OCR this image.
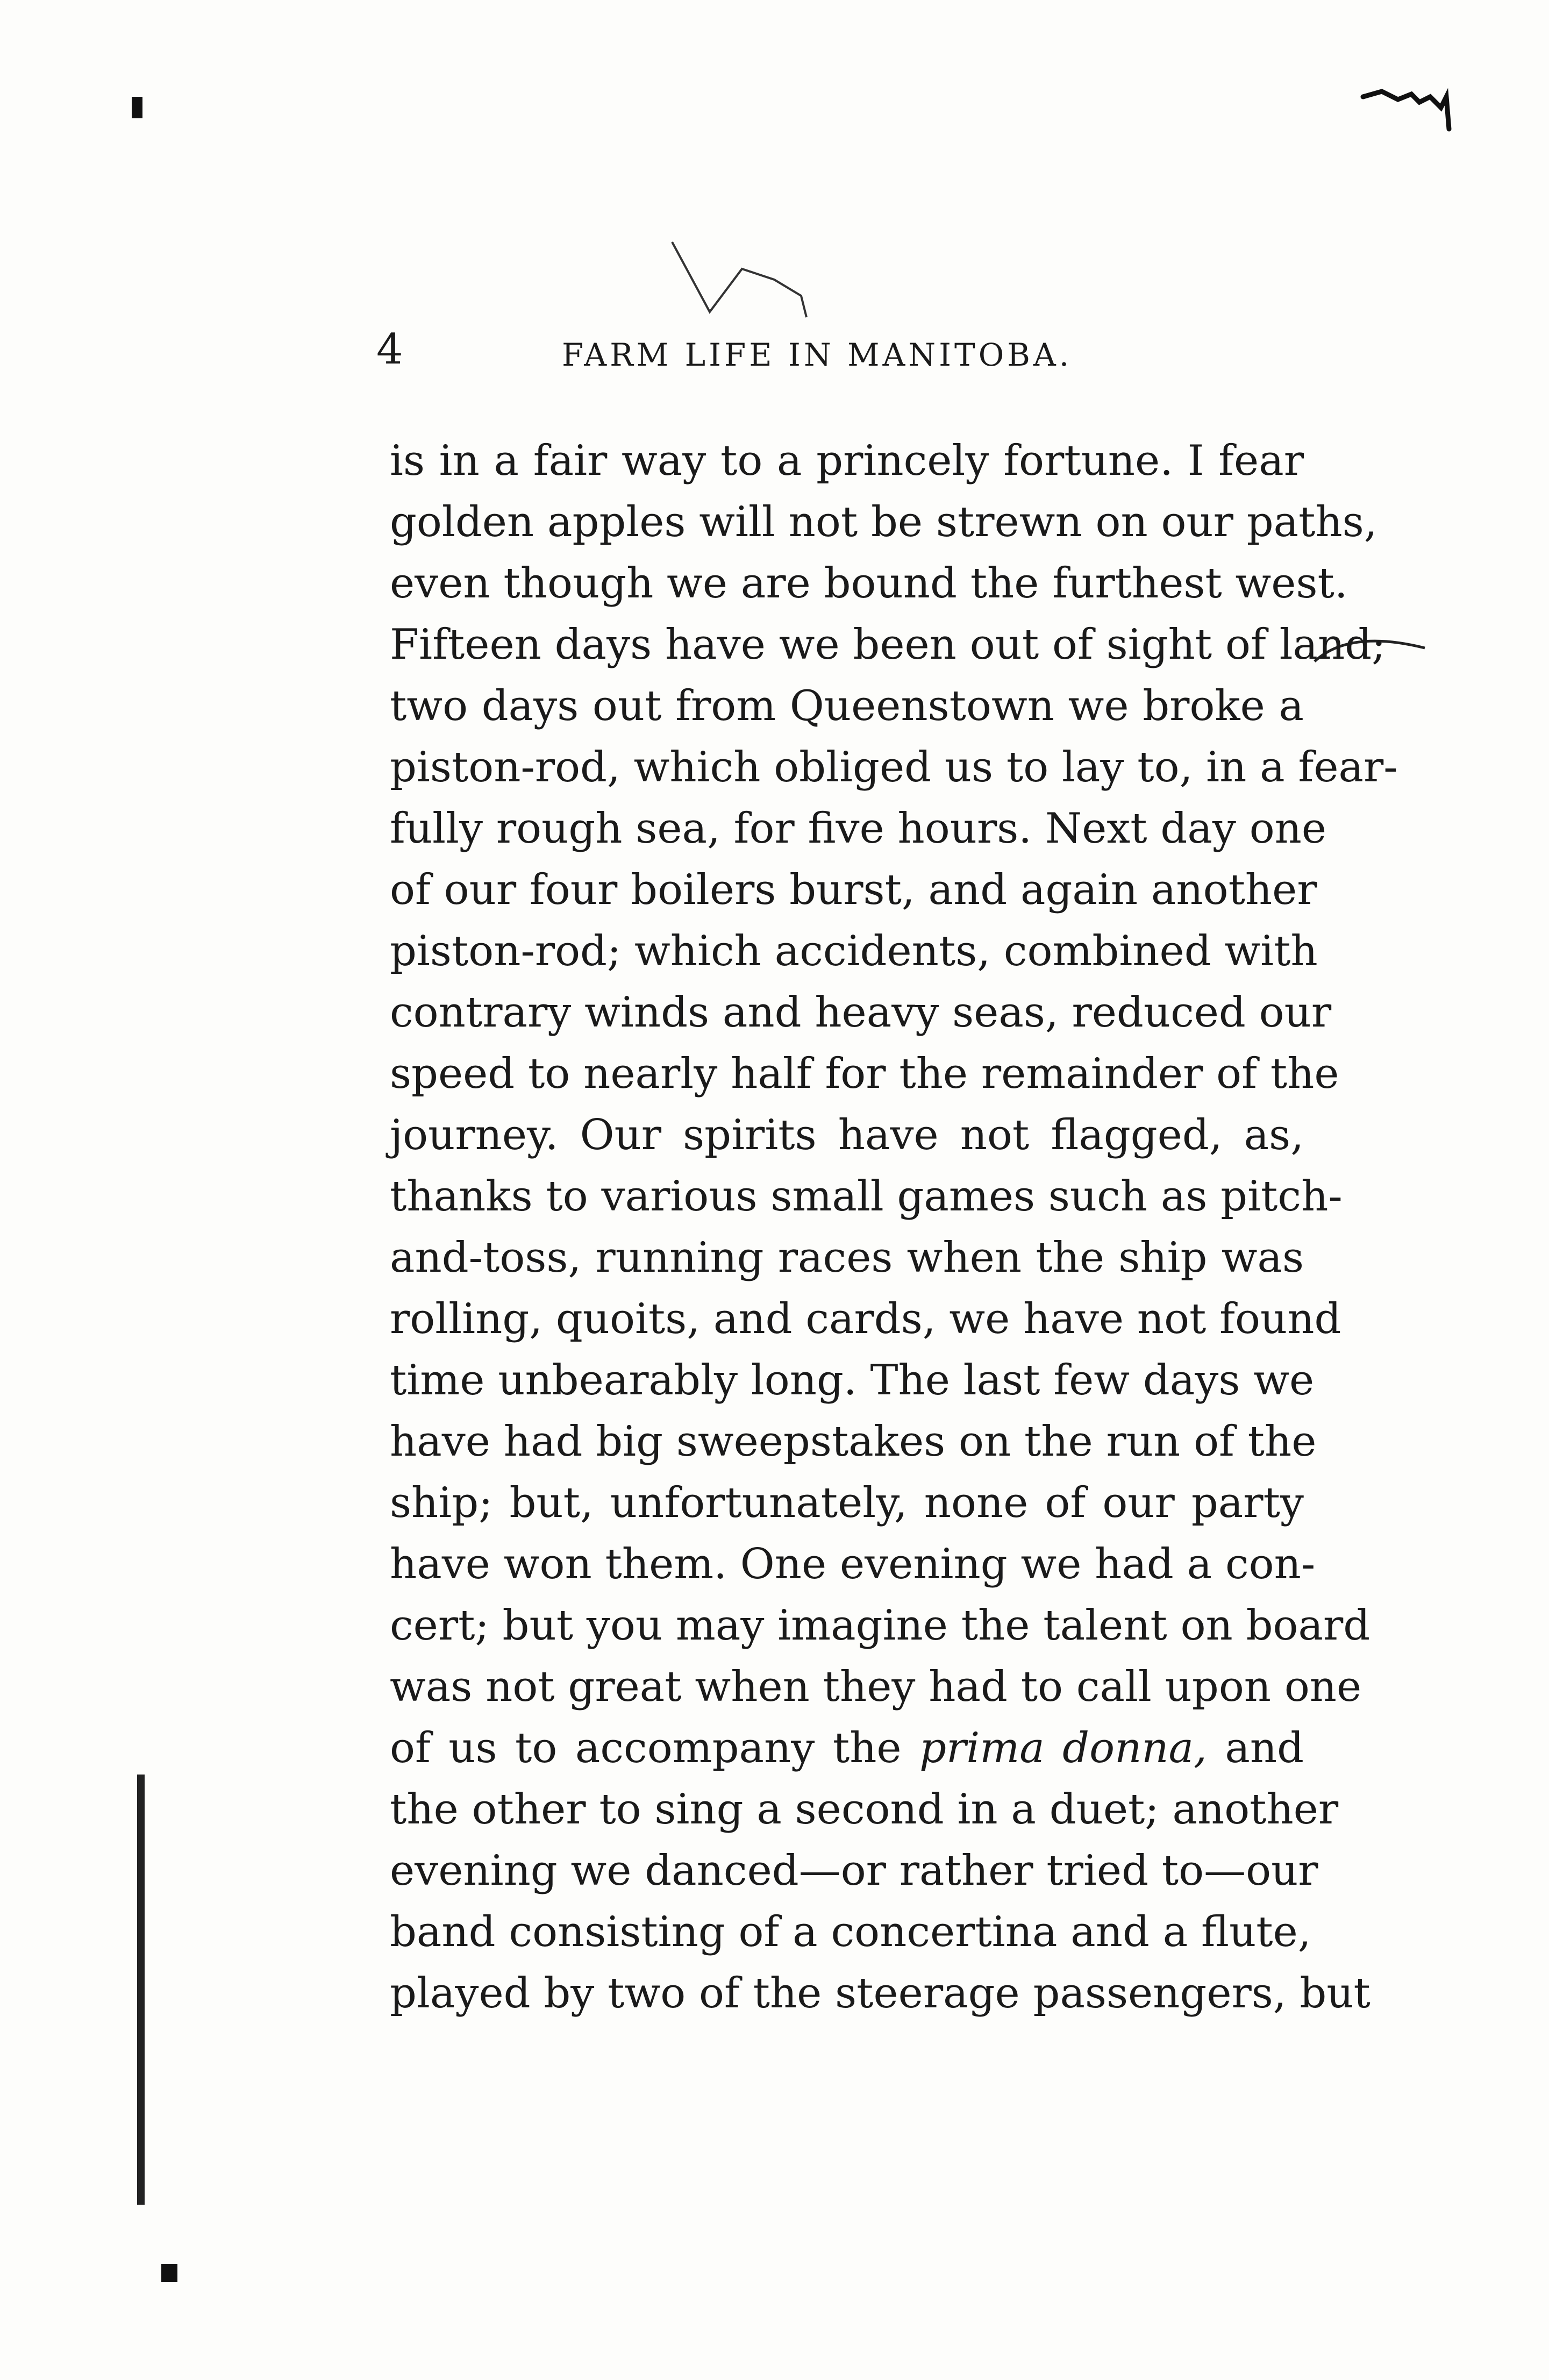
4	FARM LIFE IN MANITOBA.
is in a fair way to a princely fortune. I fear
golden apples will not be strewn on our paths,
even though we are bound the furthest west.
Fifteen days have we been out of sight of land;
two days out from Queenstown we broke a
piston-rod, which obliged us to lay to, in a fear-
fully rough sea, for five hours. Next day one
of our four boilers burst, and again another
piston-rod; which accidents, combined with
contrary winds and heavy seas, reduced our
speed to nearly half for the remainder of the
journey. Our spirits have not flagged, as,
thanks to various small games such as pitch-
and-toss, running races when the ship was
rolling, quoits, and cards, we have not found
time unbearably long. The last few days we
have had big sweepstakes on the run of the
ship; but, unfortunately, none of our party
have won them. One evening we had a con-
cert; but you may imagine the talent on board
was not great when they had to call upon one
of us to accompany the prima donna, and
the other to sing a second in a duet; another
evening we danced—or rather tried to—our
band consisting of a concertina and a flute,
played by two of the steerage passengers, but
